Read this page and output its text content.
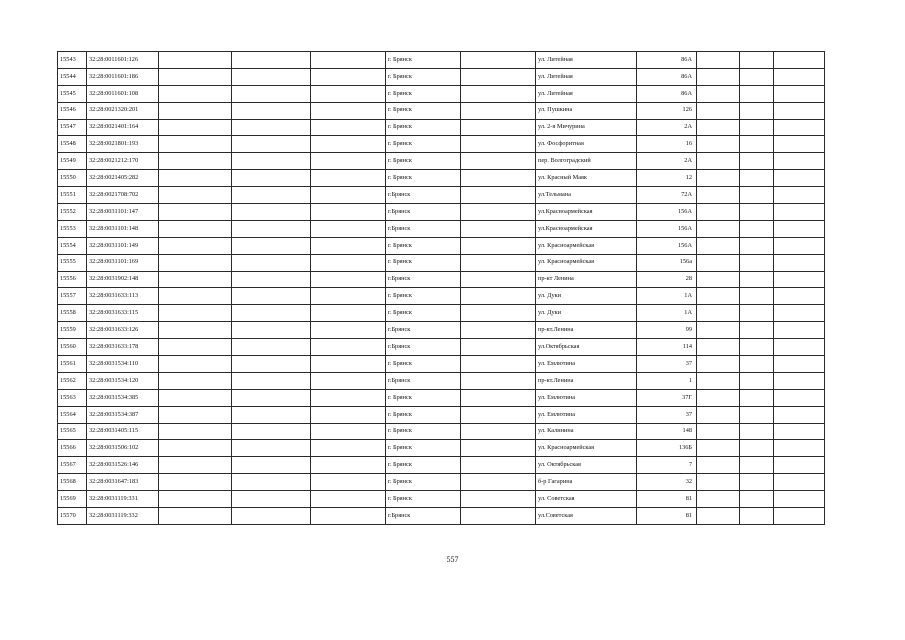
15543	32:28:0011601:126				г. Брянск		ул. Литейная	86А			
15544	32:28:0011601:186				г. Брянск		ул. Литейная	86А			
15545	32:28:0011601:108				г. Брянск		ул. Литейная	86А			
15546	32:28:0021320:201				г. Брянск		ул. Пушкина	126			
15547	32:28:0021401:164				г. Брянск		ул. 2-я Мичурина	2А			
15548	32:28:0021801:193				г. Брянск		ул. Фосфоритная	16			
15549	32:28:0021212:170				г. Брянск		пер. Волгоградский	2А			
15550	32:28:0021405:282				г. Брянск		ул. Красный Маяк	12			
15551	32:28:0021708:702				г.Брянск		ул.Тельмана	72А			
15552	32:28:0031101:147				г.Брянск		ул.Красноармейская	156А			
15553	32:28:0031101:148				г.Брянск		ул.Красноармейская	156А			
15554	32:28:0031101:149				г. Брянск		ул. Красноармейская	156А			
15555	32:28:0031101:169				г. Брянск		ул. Красноармейская	156а			
15556	32:28:0031902:148				г.Брянск		пр-кт Ленина	28			
15557	32:28:0031633:113				г. Брянск		ул. Дуки	1А			
15558	32:28:0031633:115				г. Брянск		ул. Дуки	1А			
15559	32:28:0031633:126				г.Брянск		пр-кт.Ленина	99			
15560	32:28:0031633:178				г.Брянск		ул.Октябрьская	114			
15561	32:28:0031534:110				г. Брянск		ул. Емлютина	37			
15562	32:28:0031534:120				г.Брянск		пр-кт.Ленина	1			
15563	32:28:0031534:385				г. Брянск		ул. Емлютина	37Г			
15564	32:28:0031534:387				г. Брянск		ул. Емлютина	37			
15565	32:28:0031405:115				г. Брянск		ул. Калинина	148			
15566	32:28:0031506:102				г. Брянск		ул. Красноармейская	136Б			
15567	32:28:0031526:146				г. Брянск		ул. Октябрьская	7			
15568	32:28:0031647:183				г. Брянск		б-р Гагарина	32			
15569	32:28:0031119:331				г. Брянск		ул. Советская	81			
15570	32:28:0031119:332				г.Брянск		ул.Советская	81			
557
